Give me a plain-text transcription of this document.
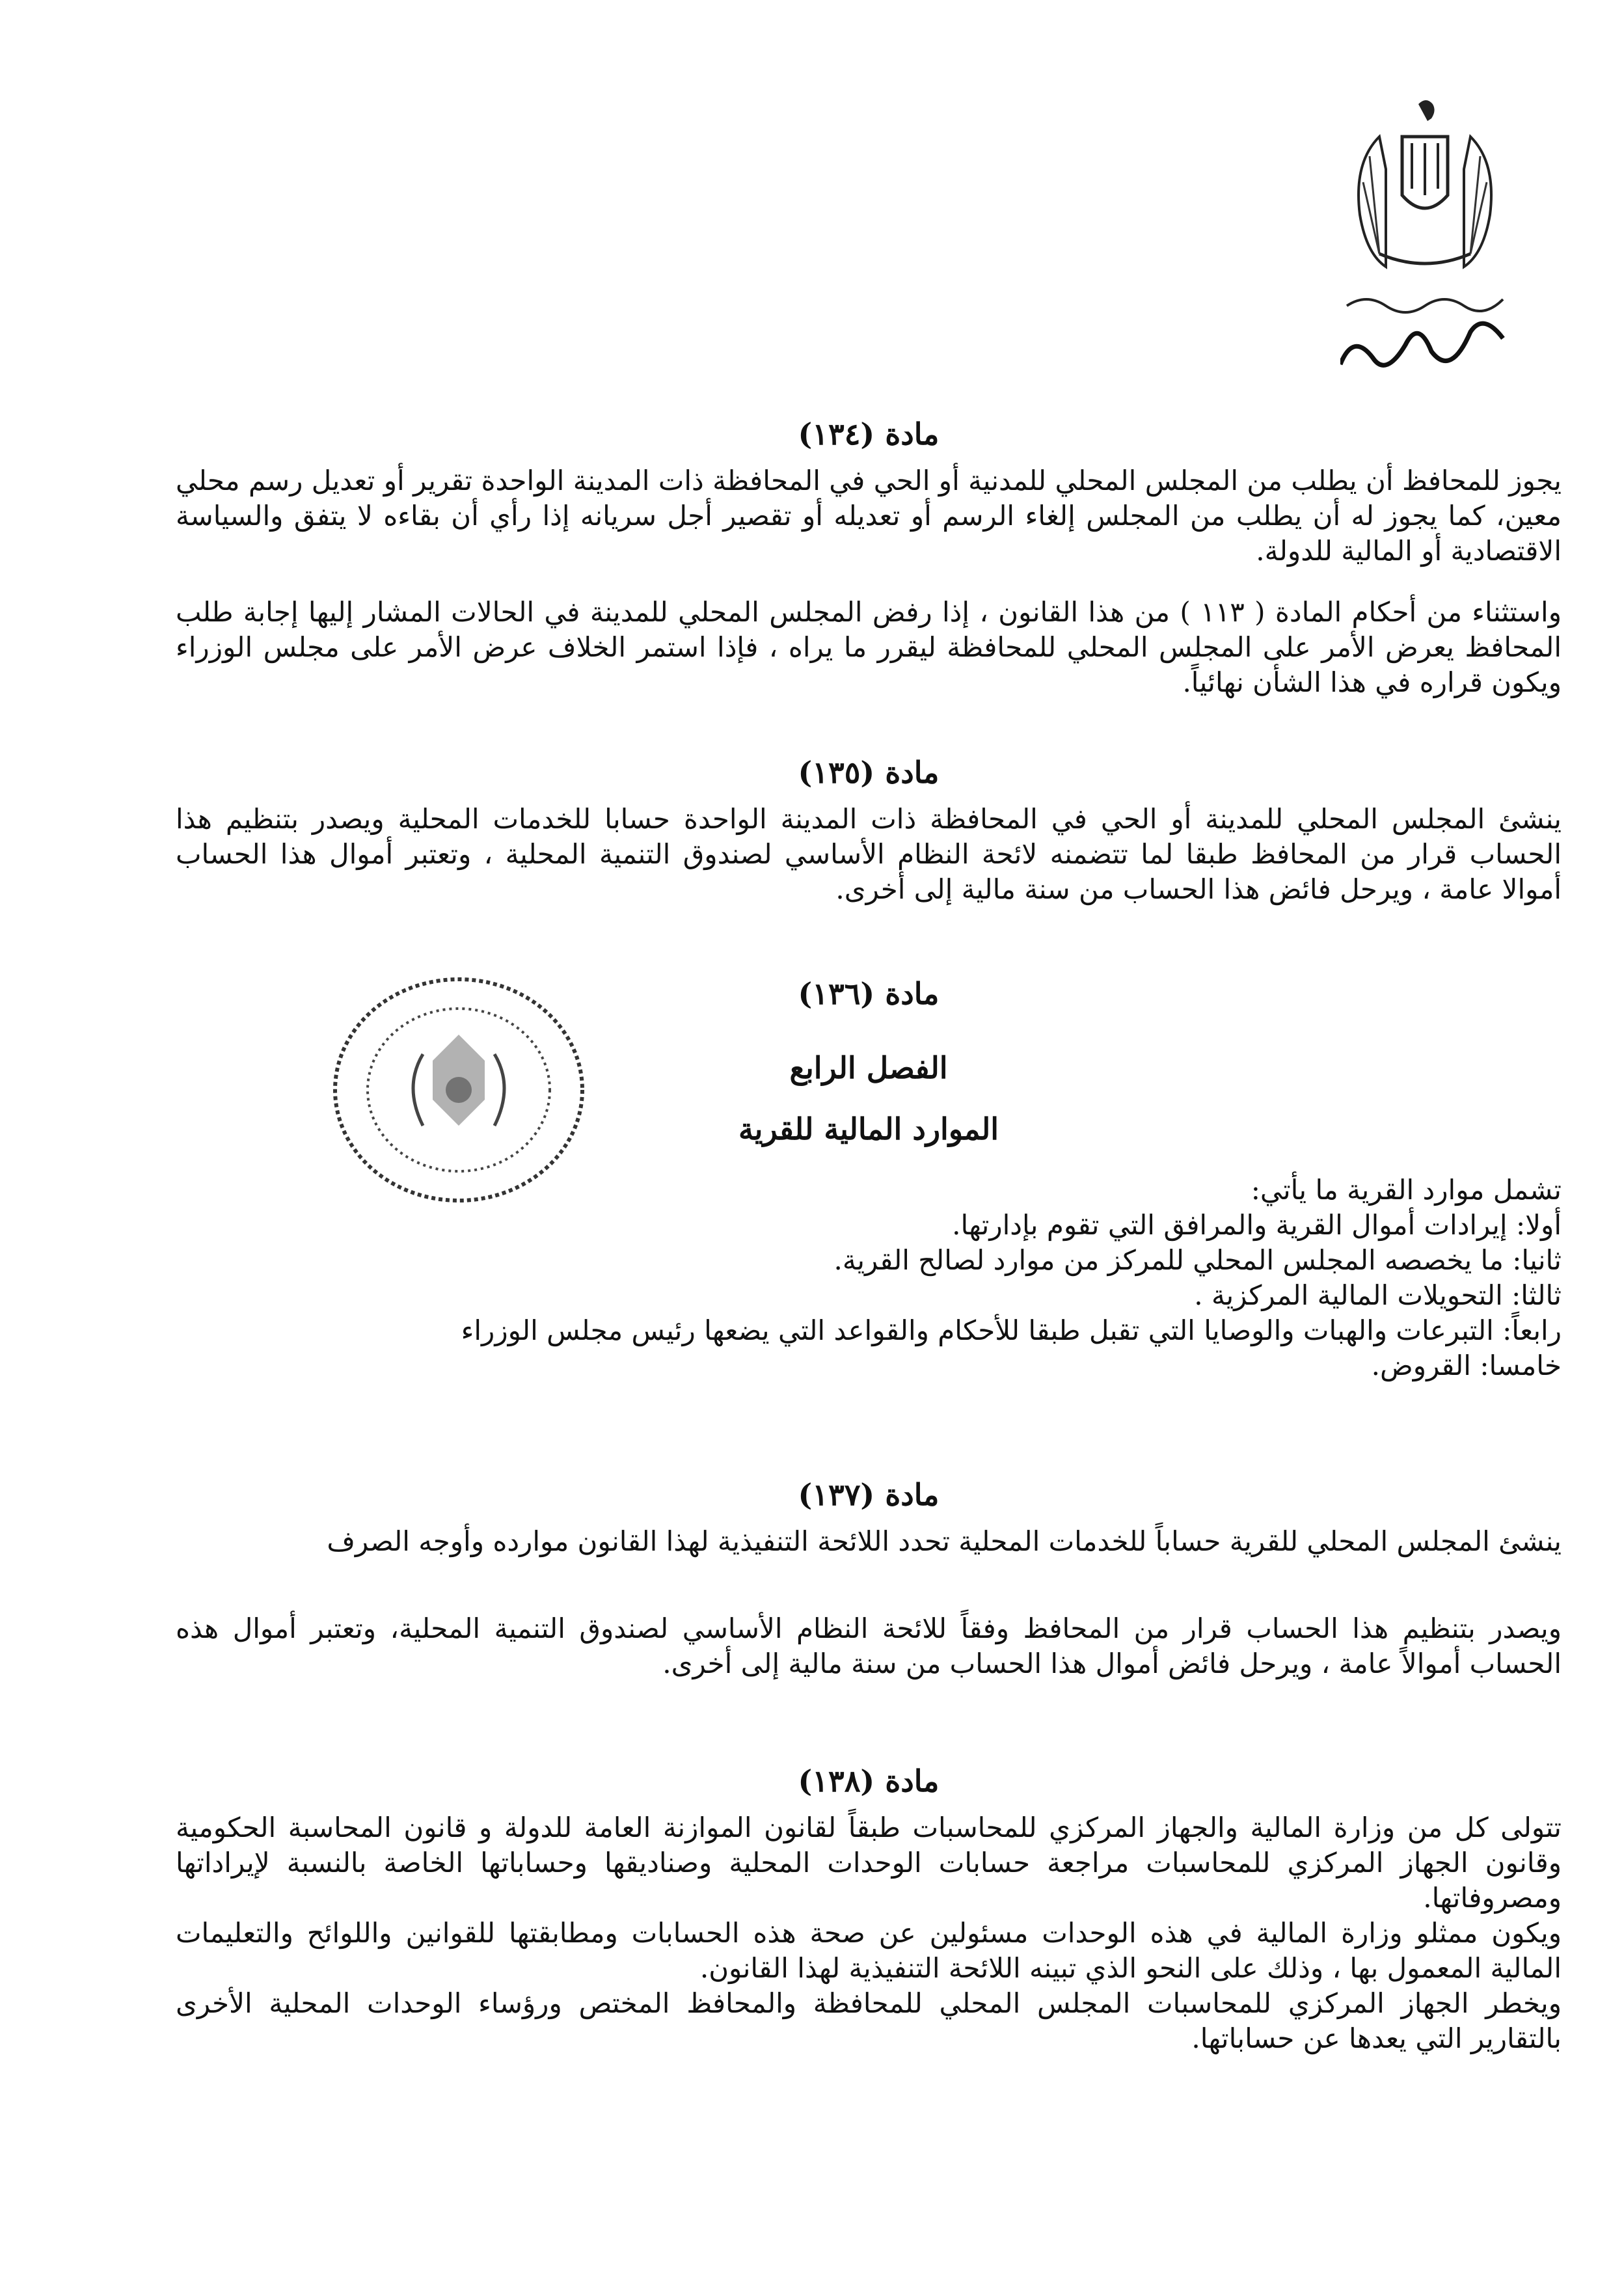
مادة (١٣٤)

يجوز للمحافظ أن يطلب من المجلس المحلي للمدنية أو الحي في المحافظة ذات المدينة الواحدة تقرير أو تعديل رسم محلي معين، كما يجوز له أن يطلب من المجلس إلغاء الرسم أو تعديله أو تقصير أجل سريانه إذا رأي أن بقاءه لا يتفق والسياسة الاقتصادية أو المالية للدولة.

واستثناء من أحكام المادة ( ١١٣ ) من هذا القانون ، إذا رفض المجلس المحلي للمدينة في الحالات المشار إليها إجابة طلب المحافظ يعرض الأمر على المجلس المحلي للمحافظة ليقرر ما يراه ، فإذا استمر الخلاف عرض الأمر على مجلس الوزراء ويكون قراره في هذا الشأن نهائياً.

مادة (١٣٥)

ينشئ المجلس المحلي للمدينة أو الحي في المحافظة ذات المدينة الواحدة حسابا للخدمات المحلية ويصدر بتنظيم هذا الحساب قرار من المحافظ طبقا لما تتضمنه لائحة النظام الأساسي لصندوق التنمية المحلية ، وتعتبر أموال هذا الحساب أموالا عامة ، ويرحل فائض هذا الحساب من سنة مالية إلى أخرى.

مادة (١٣٦)

الفصل الرابع

الموارد المالية للقرية

تشمل موارد القرية ما يأتي:

أولا: إيرادات أموال القرية والمرافق التي تقوم بإدارتها.

ثانيا: ما يخصصه المجلس المحلي للمركز من موارد لصالح القرية.

ثالثا: التحويلات المالية المركزية .

رابعاً: التبرعات والهبات والوصايا التي تقبل طبقا للأحكام والقواعد التي يضعها رئيس مجلس الوزراء

خامسا: القروض.

مادة (١٣٧)

ينشئ المجلس المحلي للقرية حساباً للخدمات المحلية تحدد اللائحة التنفيذية لهذا القانون موارده وأوجه الصرف

ويصدر بتنظيم هذا الحساب قرار من المحافظ وفقاً للائحة النظام الأساسي لصندوق التنمية المحلية، وتعتبر أموال هذه الحساب أموالاً عامة ، ويرحل فائض أموال هذا الحساب من سنة مالية إلى أخرى.

مادة (١٣٨)

تتولى كل من وزارة المالية والجهاز المركزي للمحاسبات طبقاً لقانون الموازنة العامة للدولة و قانون المحاسبة الحكومية وقانون الجهاز المركزي للمحاسبات مراجعة حسابات الوحدات المحلية وصناديقها وحساباتها الخاصة بالنسبة لإيراداتها ومصروفاتها.

ويكون ممثلو وزارة المالية في هذه الوحدات مسئولين عن صحة هذه الحسابات ومطابقتها للقوانين واللوائح والتعليمات المالية المعمول بها ، وذلك على النحو الذي تبينه اللائحة التنفيذية لهذا القانون.

ويخطر الجهاز المركزي للمحاسبات المجلس المحلي للمحافظة والمحافظ المختص ورؤساء الوحدات المحلية الأخرى بالتقارير التي يعدها عن حساباتها.
